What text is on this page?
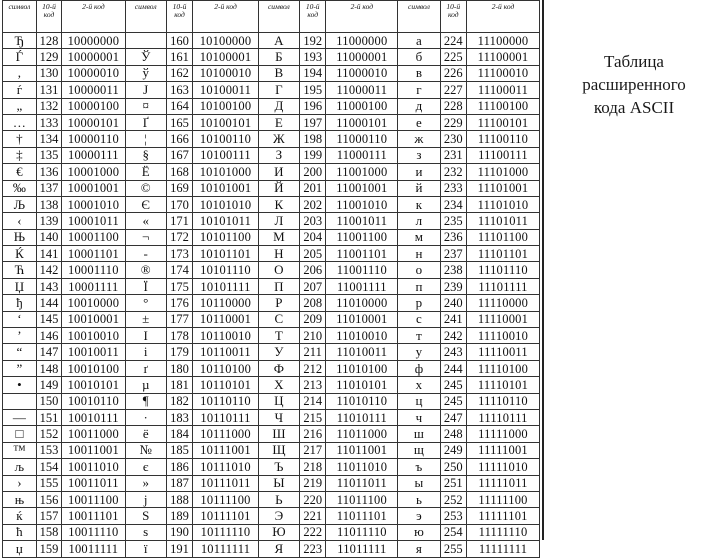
символ	10-й код	2-й код	символ	10-й код	2-й код	символ	10-й код	2-й код	символ	10-й код	2-й код
Ђ	128	10000000		160	10100000	А	192	11000000	а	224	11100000
Ѓ	129	10000001	Ў	161	10100001	Б	193	11000001	б	225	11100001
,	130	10000010	ў	162	10100010	В	194	11000010	в	226	11100010
ѓ	131	10000011	Ј	163	10100011	Г	195	11000011	г	227	11100011
„	132	10000100	¤	164	10100100	Д	196	11000100	д	228	11100100
…	133	10000101	Ґ	165	10100101	Е	197	11000101	е	229	11100101
†	134	10000110	¦	166	10100110	Ж	198	11000110	ж	230	11100110
‡	135	10000111	§	167	10100111	З	199	11000111	з	231	11100111
€	136	10001000	Ё	168	10101000	И	200	11001000	и	232	11101000
‰	137	10001001	©	169	10101001	Й	201	11001001	й	233	11101001
Љ	138	10001010	Є	170	10101010	К	202	11001010	к	234	11101010
‹	139	10001011	«	171	10101011	Л	203	11001011	л	235	11101011
Њ	140	10001100	¬	172	10101100	М	204	11001100	м	236	11101100
Ќ	141	10001101	-	173	10101101	Н	205	11001101	н	237	11101101
Ћ	142	10001110	®	174	10101110	О	206	11001110	о	238	11101110
Џ	143	10001111	Ї	175	10101111	П	207	11001111	п	239	11101111
ђ	144	10010000	°	176	10110000	Р	208	11010000	р	240	11110000
‘	145	10010001	±	177	10110001	С	209	11010001	с	241	11110001
’	146	10010010	І	178	10110010	Т	210	11010010	т	242	11110010
“	147	10010011	і	179	10110011	У	211	11010011	у	243	11110011
”	148	10010100	ґ	180	10110100	Ф	212	11010100	ф	244	11110100
•	149	10010101	µ	181	10110101	Х	213	11010101	х	245	11110101
	150	10010110	¶	182	10110110	Ц	214	11010110	ц	245	11110110
—	151	10010111	·	183	10110111	Ч	215	11010111	ч	247	11110111
□	152	10011000	ё	184	10111000	Ш	216	11011000	ш	248	11111000
™	153	10011001	№	185	10111001	Щ	217	11011001	щ	249	11111001
љ	154	10011010	є	186	10111010	Ъ	218	11011010	ъ	250	11111010
›	155	10011011	»	187	10111011	Ы	219	11011011	ы	251	11111011
њ	156	10011100	ј	188	10111100	Ь	220	11011100	ь	252	11111100
ќ	157	10011101	Ѕ	189	10111101	Э	221	11011101	э	253	11111101
ћ	158	10011110	ѕ	190	10111110	Ю	222	11011110	ю	254	11111110
џ	159	10011111	ї	191	10111111	Я	223	11011111	я	255	11111111
Таблица
расширенного
кода ASCII
